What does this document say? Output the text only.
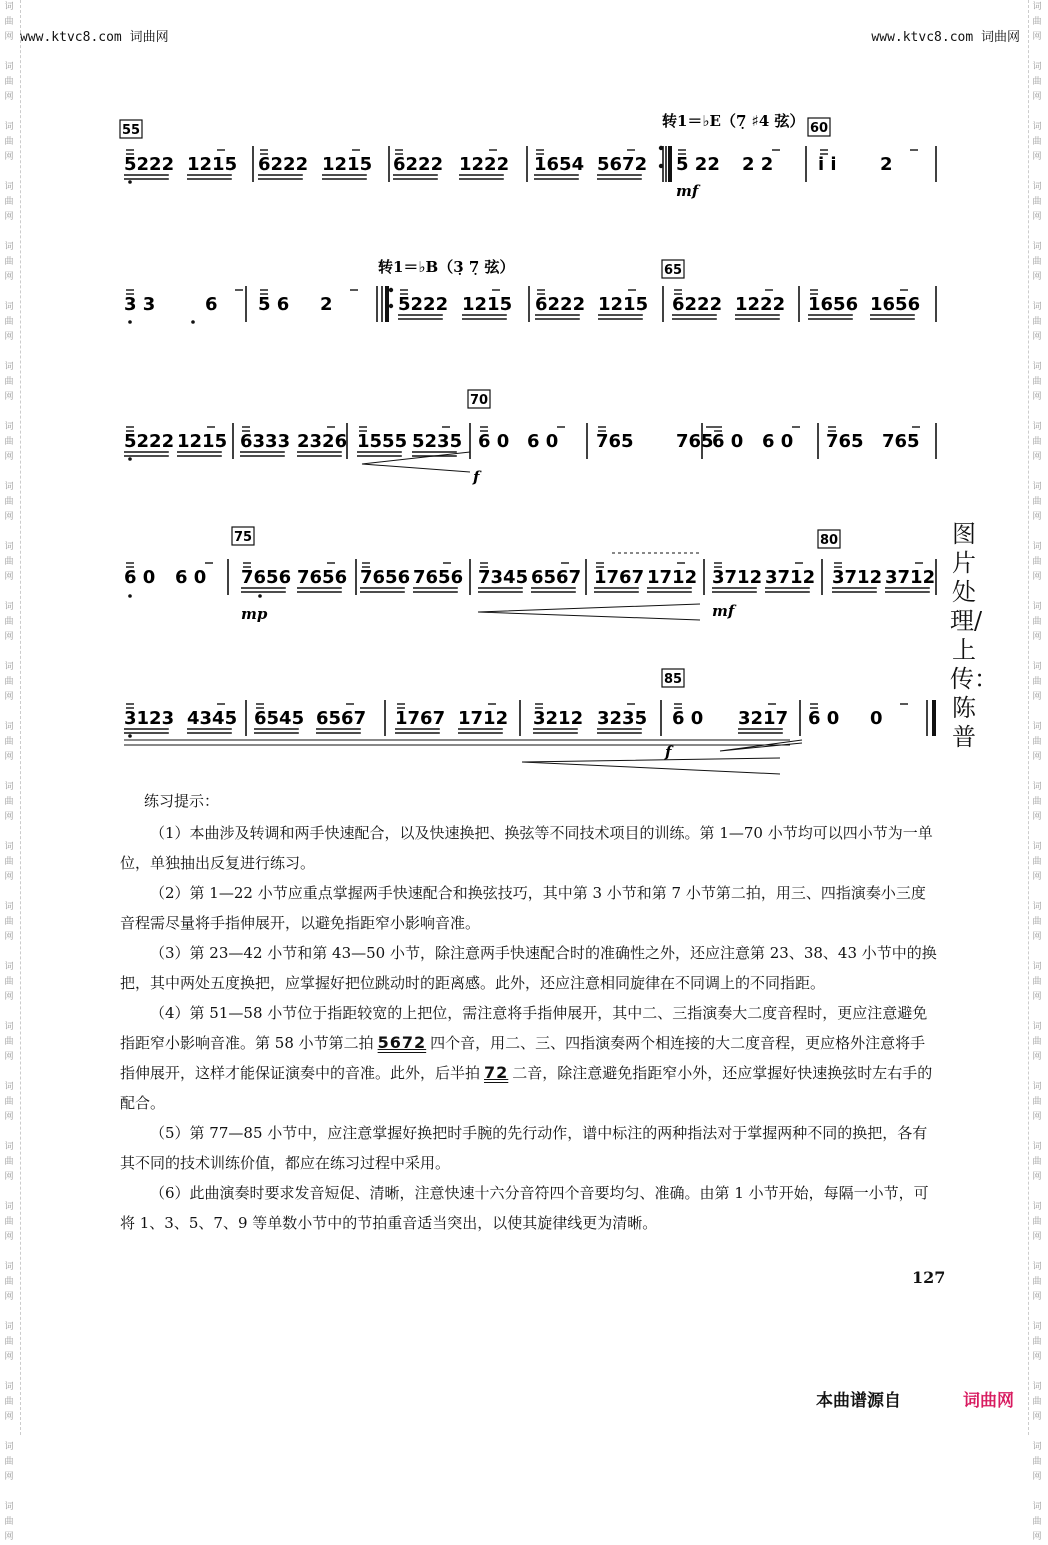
www.ktvc8.com 词曲网	www.ktvc8.com 词曲网
词
曲
网
词
曲
网
词
曲
网
词
曲
网
词
曲
网
词
曲
网
词
曲
网
词
曲
网
词
曲
网
词
曲
网
词
曲
网
词
曲
网
词
曲
网
词
曲
网
词
曲
网
词
曲
网
词
曲
网
词
曲
网
词
曲
网
词
曲
网
词
曲
网
词
曲
网
词
曲
网
词
曲
网
词
曲
网
词
曲
网
词
曲
网
词
曲
网
词
曲
网
词
曲
网
词
曲
网
词
曲
网
词
曲
网
词
曲
网
词
曲
网
词
曲
网
词
曲
网
词
曲
网
词
曲
网
词
曲
网
词
曲
网
词
曲
网
词
曲
网
词
曲
网
词
曲
网
词
曲
网
词
曲
网
词
曲
网
词
曲
网
词
曲
网
词
曲
网
词
曲
网
5222 1215 6222 1215 6222 1222 1654 5672 5 22 2 2 i i 2
3 3	6 5 6 2	5222 1215 6222 1215 6222 1222 1656 1656
5222 1215 6333 2326 1555 5235 6 0 6 0 765 765
6 0 6 0 765 765
6 0 6 0 7656 7656 7656 7656 7345 6567 1767 1712 3712 3712 3712 3712
3123 4345 6545 6567 1767 1712 3212 3235 6 0 3217 6 0 0
55	60
65
70
75	80
85
转1＝♭E（7̣ ♯4 弦）
转1＝♭B（3̣ 7̣ 弦）
mf
f
mp	mf
f
图片处理/上传：陈普

练习提示：

（1）本曲涉及转调和两手快速配合，以及快速换把、换弦等不同技术项目的训练。第 1—70 小节均可以四小节为一单位，单独抽出反复进行练习。

（2）第 1—22 小节应重点掌握两手快速配合和换弦技巧，其中第 3 小节和第 7 小节第二拍，用三、四指演奏小三度音程需尽量将手指伸展开，以避免指距窄小影响音准。

（3）第 23—42 小节和第 43—50 小节，除注意两手快速配合时的准确性之外，还应注意第 23、38、43 小节中的换把，其中两处五度换把，应掌握好把位跳动时的距离感。此外，还应注意相同旋律在不同调上的不同指距。

（4）第 51—58 小节位于指距较宽的上把位，需注意将手指伸展开，其中二、三指演奏大二度音程时，更应注意避免指距窄小影响音准。第 58 小节第二拍 5672 四个音，用二、三、四指演奏两个相连接的大二度音程，更应格外注意将手指伸展开，这样才能保证演奏中的音准。此外，后半拍 72 二音，除注意避免指距窄小外，还应掌握好快速换弦时左右手的配合。

（5）第 77—85 小节中，应注意掌握好换把时手腕的先行动作，谱中标注的两种指法对于掌握两种不同的换把，各有其不同的技术训练价值，都应在练习过程中采用。

（6）此曲演奏时要求发音短促、清晰，注意快速十六分音符四个音要均匀、准确。由第 1 小节开始，每隔一小节，可将 1、3、5、7、9 等单数小节中的节拍重音适当突出，以使其旋律线更为清晰。

127
本曲谱源自	词曲网
